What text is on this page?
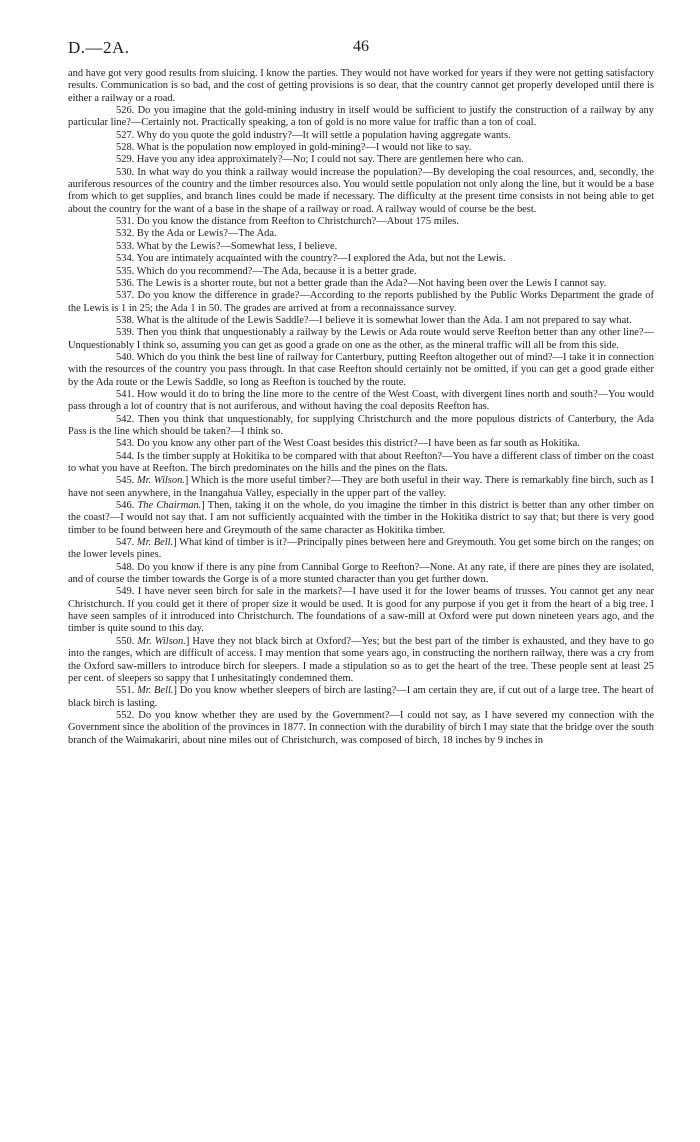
D.—2A.	46

and have got very good results from sluicing. I know the parties. They would not have worked for years if they were not getting satisfactory results. Communication is so bad, and the cost of getting provisions is so dear, that the country cannot get properly developed until there is either a railway or a road.

526. Do you imagine that the gold-mining industry in itself would be sufficient to justify the construction of a railway by any particular line?—Certainly not. Practically speaking, a ton of gold is no more value for traffic than a ton of coal.

527. Why do you quote the gold industry?—It will settle a population having aggregate wants.

528. What is the population now employed in gold-mining?—I would not like to say.

529. Have you any idea approximately?—No; I could not say. There are gentlemen here who can.

530. In what way do you think a railway would increase the population?—By developing the coal resources, and, secondly, the auriferous resources of the country and the timber resources also. You would settle population not only along the line, but it would be a base from which to get supplies, and branch lines could be made if necessary. The difficulty at the present time consists in not being able to get about the country for the want of a base in the shape of a railway or road. A railway would of course be the best.

531. Do you know the distance from Reefton to Christchurch?—About 175 miles.

532. By the Ada or Lewis?—The Ada.

533. What by the Lewis?—Somewhat less, I believe.

534. You are intimately acquainted with the country?—I explored the Ada, but not the Lewis.

535. Which do you recommend?—The Ada, because it is a better grade.

536. The Lewis is a shorter route, but not a better grade than the Ada?—Not having been over the Lewis I cannot say.

537. Do you know the difference in grade?—According to the reports published by the Public Works Department the grade of the Lewis is 1 in 25; the Ada 1 in 50. The grades are arrived at from a reconnaissance survey.

538. What is the altitude of the Lewis Saddle?—I believe it is somewhat lower than the Ada. I am not prepared to say what.

539. Then you think that unquestionably a railway by the Lewis or Ada route would serve Reefton better than any other line?—Unquestionably I think so, assuming you can get as good a grade on one as the other, as the mineral traffic will all be from this side.

540. Which do you think the best line of railway for Canterbury, putting Reefton altogether out of mind?—I take it in connection with the resources of the country you pass through. In that case Reefton should certainly not be omitted, if you can get a good grade either by the Ada route or the Lewis Saddle, so long as Reefton is touched by the route.

541. How would it do to bring the line more to the centre of the West Coast, with divergent lines north and south?—You would pass through a lot of country that is not auriferous, and without having the coal deposits Reefton has.

542. Then you think that unquestionably, for supplying Christchurch and the more populous districts of Canterbury, the Ada Pass is the line which should be taken?—I think so.

543. Do you know any other part of the West Coast besides this district?—I have been as far south as Hokitika.

544. Is the timber supply at Hokitika to be compared with that about Reefton?—You have a different class of timber on the coast to what you have at Reefton. The birch predominates on the hills and the pines on the flats.

545. Mr. Wilson.] Which is the more useful timber?—They are both useful in their way. There is remarkably fine birch, such as I have not seen anywhere, in the Inangahua Valley, especially in the upper part of the valley.

546. The Chairman.] Then, taking it on the whole, do you imagine the timber in this district is better than any other timber on the coast?—I would not say that. I am not sufficiently acquainted with the timber in the Hokitika district to say that; but there is very good timber to be found between here and Greymouth of the same character as Hokitika timber.

547. Mr. Bell.] What kind of timber is it?—Principally pines between here and Greymouth. You get some birch on the ranges; on the lower levels pines.

548. Do you know if there is any pine from Cannibal Gorge to Reefton?—None. At any rate, if there are pines they are isolated, and of course the timber towards the Gorge is of a more stunted character than you get further down.

549. I have never seen birch for sale in the markets?—I have used it for the lower beams of trusses. You cannot get any near Christchurch. If you could get it there of proper size it would be used. It is good for any purpose if you get it from the heart of a big tree. I have seen samples of it introduced into Christchurch. The foundations of a saw-mill at Oxford were put down nineteen years ago, and the timber is quite sound to this day.

550. Mr. Wilson.] Have they not black birch at Oxford?—Yes; but the best part of the timber is exhausted, and they have to go into the ranges, which are difficult of access. I may mention that some years ago, in constructing the northern railway, there was a cry from the Oxford saw-millers to introduce birch for sleepers. I made a stipulation so as to get the heart of the tree. These people sent at least 25 per cent. of sleepers so sappy that I unhesitatingly condemned them.

551. Mr. Bell.] Do you know whether sleepers of birch are lasting?—I am certain they are, if cut out of a large tree. The heart of black birch is lasting.

552. Do you know whether they are used by the Government?—I could not say, as I have severed my connection with the Government since the abolition of the provinces in 1877. In connection with the durability of birch I may state that the bridge over the south branch of the Waimakariri, about nine miles out of Christchurch, was composed of birch, 18 inches by 9 inches in
